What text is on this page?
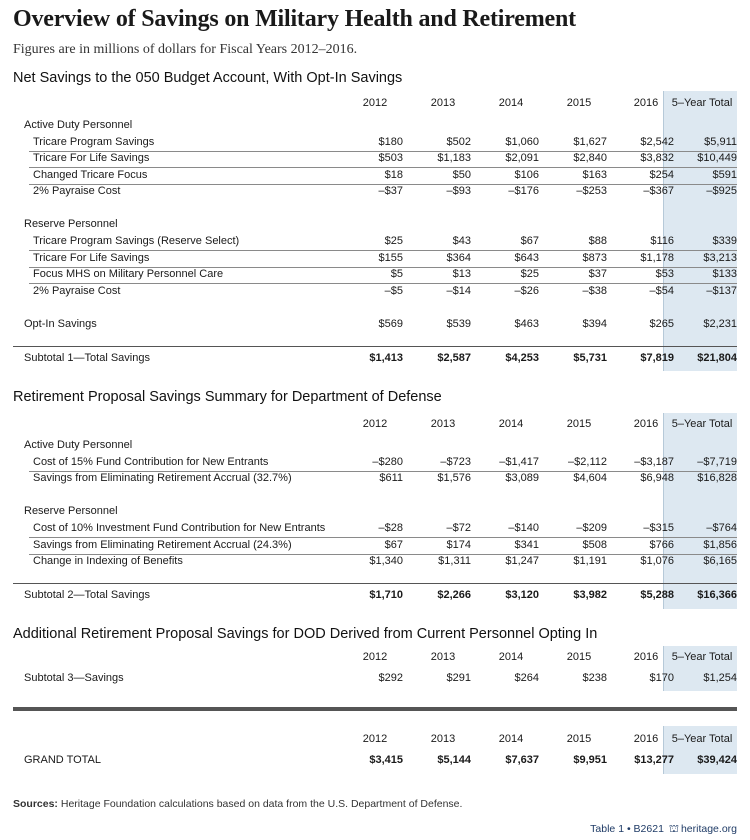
Overview of Savings on Military Health and Retirement
Figures are in millions of dollars for Fiscal Years 2012–2016.
Net Savings to the 050 Budget Account, With Opt-In Savings
2012	2013	2014	2015	2016	5–Year Total
Active Duty Personnel
Tricare Program Savings	$180	$502	$1,060	$1,627	$2,542	$5,911
Tricare For Life Savings	$503	$1,183	$2,091	$2,840	$3,832	$10,449
Changed Tricare Focus	$18	$50	$106	$163	$254	$591
2% Payraise Cost	–$37	–$93	–$176	–$253	–$367	–$925
Reserve Personnel
Tricare Program Savings (Reserve Select)	$25	$43	$67	$88	$116	$339
Tricare For Life Savings	$155	$364	$643	$873	$1,178	$3,213
Focus MHS on Military Personnel Care	$5	$13	$25	$37	$53	$133
2% Payraise Cost	–$5	–$14	–$26	–$38	–$54	–$137
Opt-In Savings	$569	$539	$463	$394	$265	$2,231
Subtotal 1—Total Savings	$1,413	$2,587	$4,253	$5,731	$7,819	$21,804
Retirement Proposal Savings Summary for Department of Defense
2012	2013	2014	2015	2016	5–Year Total
Active Duty Personnel
Cost of 15% Fund Contribution for New Entrants	–$280	–$723	–$1,417	–$2,112	–$3,187	–$7,719
Savings from Eliminating Retirement Accrual (32.7%)	$611	$1,576	$3,089	$4,604	$6,948	$16,828
Reserve Personnel
Cost of 10% Investment Fund Contribution for New Entrants	–$28	–$72	–$140	–$209	–$315	–$764
Savings from Eliminating Retirement Accrual (24.3%)	$67	$174	$341	$508	$766	$1,856
Change in Indexing of Benefits	$1,340	$1,311	$1,247	$1,191	$1,076	$6,165
Subtotal 2—Total Savings	$1,710	$2,266	$3,120	$3,982	$5,288	$16,366
Additional Retirement Proposal Savings for DOD Derived from Current Personnel Opting In
2012	2013	2014	2015	2016	5–Year Total
Subtotal 3—Savings	$292	$291	$264	$238	$170	$1,254
2012	2013	2014	2015	2016	5–Year Total
GRAND TOTAL	$3,415	$5,144	$7,637	$9,951	$13,277	$39,424
Sources: Heritage Foundation calculations based on data from the U.S. Department of Defense.
Table 1 • B2621 ⛫ heritage.org
